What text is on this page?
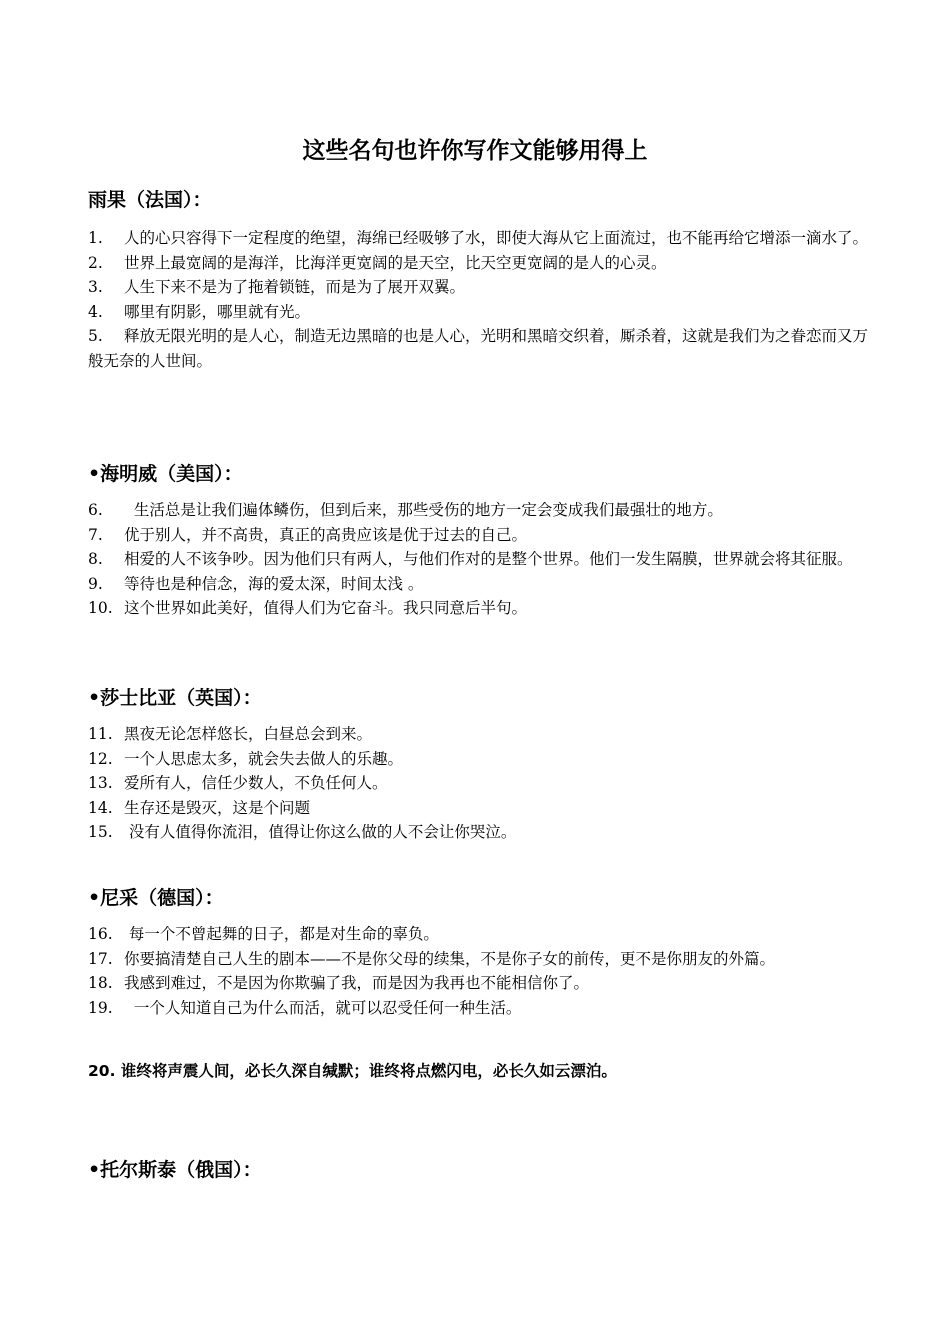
这些名句也许你写作文能够用得上
雨果（法国）：
1. 人的心只容得下一定程度的绝望，海绵已经吸够了水，即使大海从它上面流过，也不能再给它增添一滴水了。
2. 世界上最宽阔的是海洋，比海洋更宽阔的是天空，比天空更宽阔的是人的心灵。
3. 人生下来不是为了拖着锁链，而是为了展开双翼。
4. 哪里有阴影，哪里就有光。
5. 释放无限光明的是人心，制造无边黑暗的也是人心，光明和黑暗交织着，厮杀着，这就是我们为之眷恋而又万般无奈的人世间。
•海明威（美国）：
6.  生活总是让我们遍体鳞伤，但到后来，那些受伤的地方一定会变成我们最强壮的地方。
7. 优于别人，并不高贵，真正的高贵应该是优于过去的自己。
8. 相爱的人不该争吵。因为他们只有两人，与他们作对的是整个世界。他们一发生隔膜，世界就会将其征服。
9. 等待也是种信念，海的爱太深，时间太浅 。
10. 这个世界如此美好，值得人们为它奋斗。我只同意后半句。
•莎士比亚（英国）：
11. 黑夜无论怎样悠长，白昼总会到来。
12. 一个人思虑太多，就会失去做人的乐趣。
13. 爱所有人，信任少数人，不负任何人。
14. 生存还是毁灭，这是个问题
15. 没有人值得你流泪，值得让你这么做的人不会让你哭泣。
•尼采（德国）：
16. 每一个不曾起舞的日子，都是对生命的辜负。
17. 你要搞清楚自己人生的剧本——不是你父母的续集，不是你子女的前传，更不是你朋友的外篇。
18. 我感到难过，不是因为你欺骗了我，而是因为我再也不能相信你了。
19.  一个人知道自己为什么而活，就可以忍受任何一种生活。

20. 谁终将声震人间，必长久深自缄默；谁终将点燃闪电，必长久如云漂泊。

•托尔斯泰（俄国）：
